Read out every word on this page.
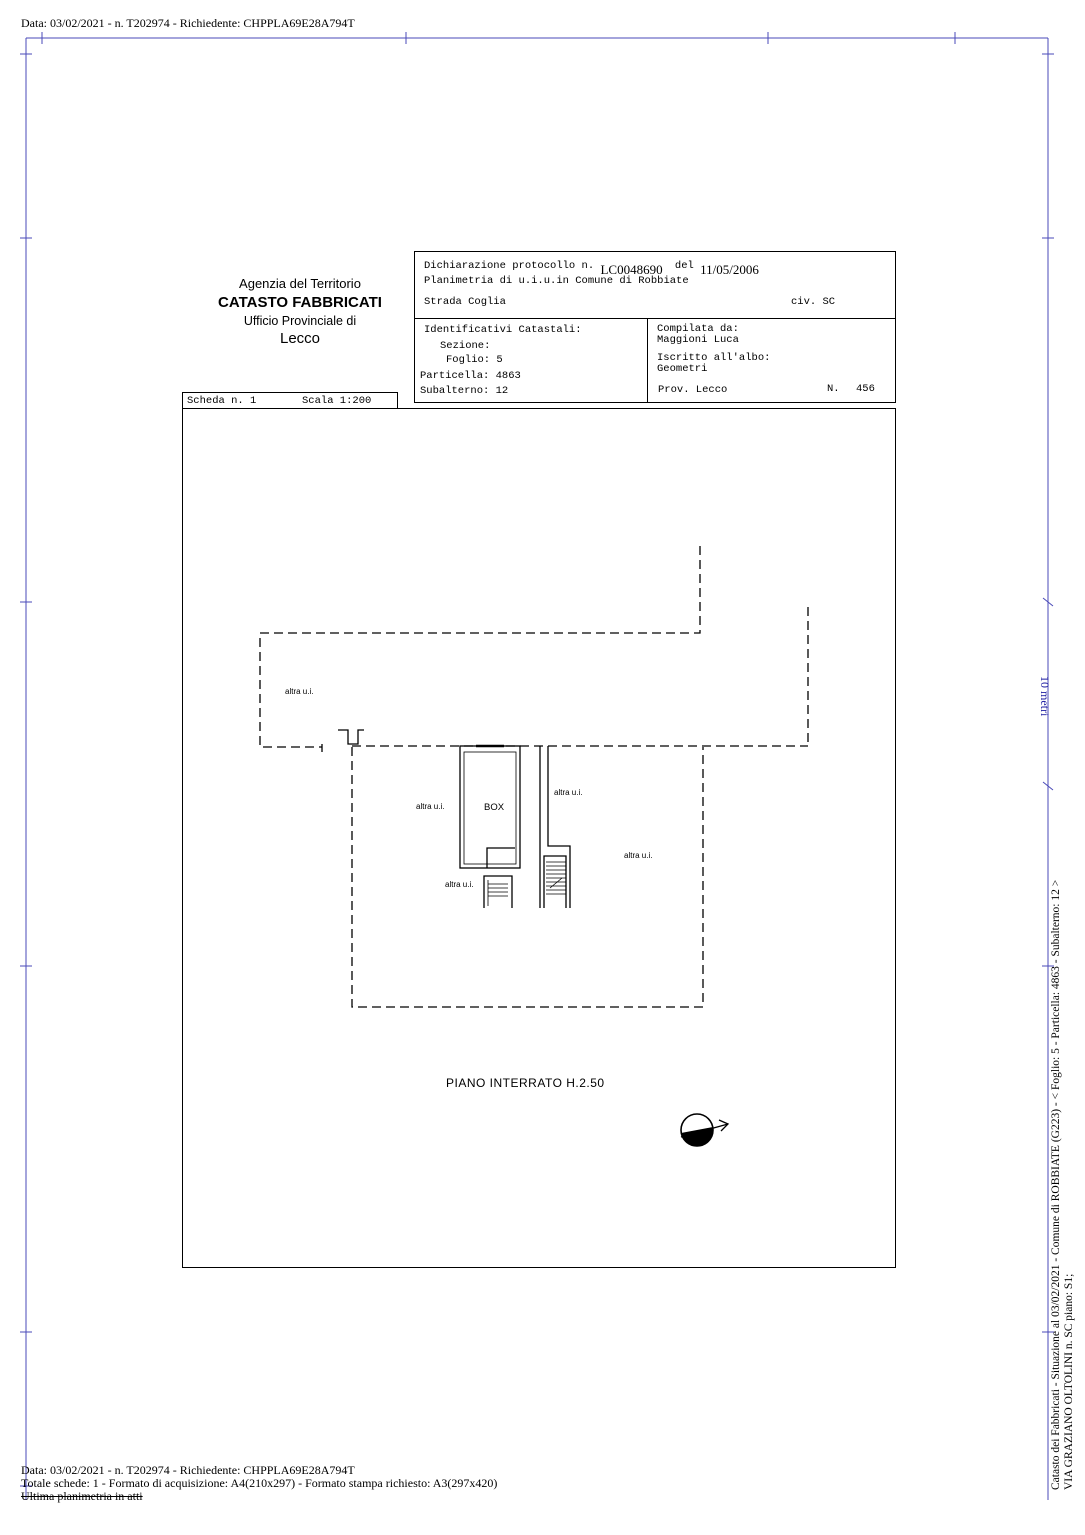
Data: 03/02/2021 - n. T202974 - Richiedente: CHPPLA69E28A794T
10 metri
Agenzia del Territorio
CATASTO FABBRICATI
Ufficio Provinciale di
Lecco
Dichiarazione protocollo n. LC0048690 del 11/05/2006
Planimetria di u.i.u.in Comune di Robbiate
Strada Coglia	civ. SC
Identificativi Catastali:
Sezione:
Foglio: 5
Particella: 4863
Subalterno: 12
Compilata da:
Maggioni Luca
Iscritto all'albo:
Geometri
Prov. Lecco	N. 456
Scheda n. 1	Scala 1:200
altra u.i.
altra u.i.	BOX
altra u.i.
altra u.i.
altra u.i.
PIANO INTERRATO H.2.50	Catasto dei Fabbricati - Situazione al 03/02/2021 - Comune di ROBBIATE (G223) - < Foglio: 5 - Particella: 4863 - Subalterno: 12 > VIA GRAZIANO OLTOLINI n. SC piano: S1;
Data: 03/02/2021 - n. T202974 - Richiedente: CHPPLA69E28A794T
Totale schede: 1 - Formato di acquisizione: A4(210x297) - Formato stampa richiesto: A3(297x420)
Ultima planimetria in atti
